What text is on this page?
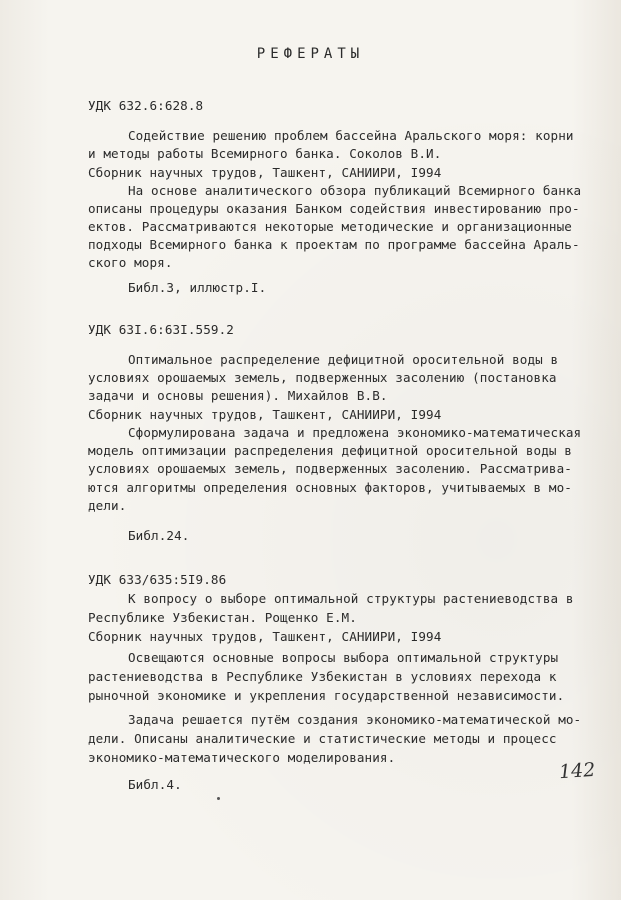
РЕФЕРАТЫ
УДК 632.6:628.8
Содействие решению проблем бассейна Аральского моря: корни
и методы работы Всемирного банка. Соколов В.И.
Сборник научных трудов, Ташкент, САНИИРИ, I994
На основе аналитического обзора публикаций Всемирного банка
описаны процедуры оказания Банком содействия инвестированию про-
ектов. Рассматриваются некоторые методические и организационные
подходы Всемирного банка к проектам по программе бассейна Араль-
ского моря.
Библ.3, иллюстр.I.
УДК 63I.6:63I.559.2
Оптимальное распределение дефицитной оросительной воды в
условиях орошаемых земель, подверженных засолению (постановка
задачи и основы решения). Михайлов В.В.
Сборник научных трудов, Ташкент, САНИИРИ, I994
Сформулирована задача и предложена экономико-математическая
модель оптимизации распределения дефицитной оросительной воды в
условиях орошаемых земель, подверженных засолению. Рассматрива-
ются алгоритмы определения основных факторов, учитываемых в мо-
дели.
Библ.24.
УДК 633/635:5I9.86
К вопросу о выборе оптимальной структуры растениеводства в
Республике Узбекистан. Рощенко Е.М.
Сборник научных трудов, Ташкент, САНИИРИ, I994
Освещаются основные вопросы выбора оптимальной структуры
растениеводства в Республике Узбекистан в условиях перехода к
рыночной экономике и укрепления государственной независимости.
Задача решается путём создания экономико-математической мо-
дели. Описаны аналитические и статистические методы и процесс
экономико-математического моделирования.
Библ.4.
142
